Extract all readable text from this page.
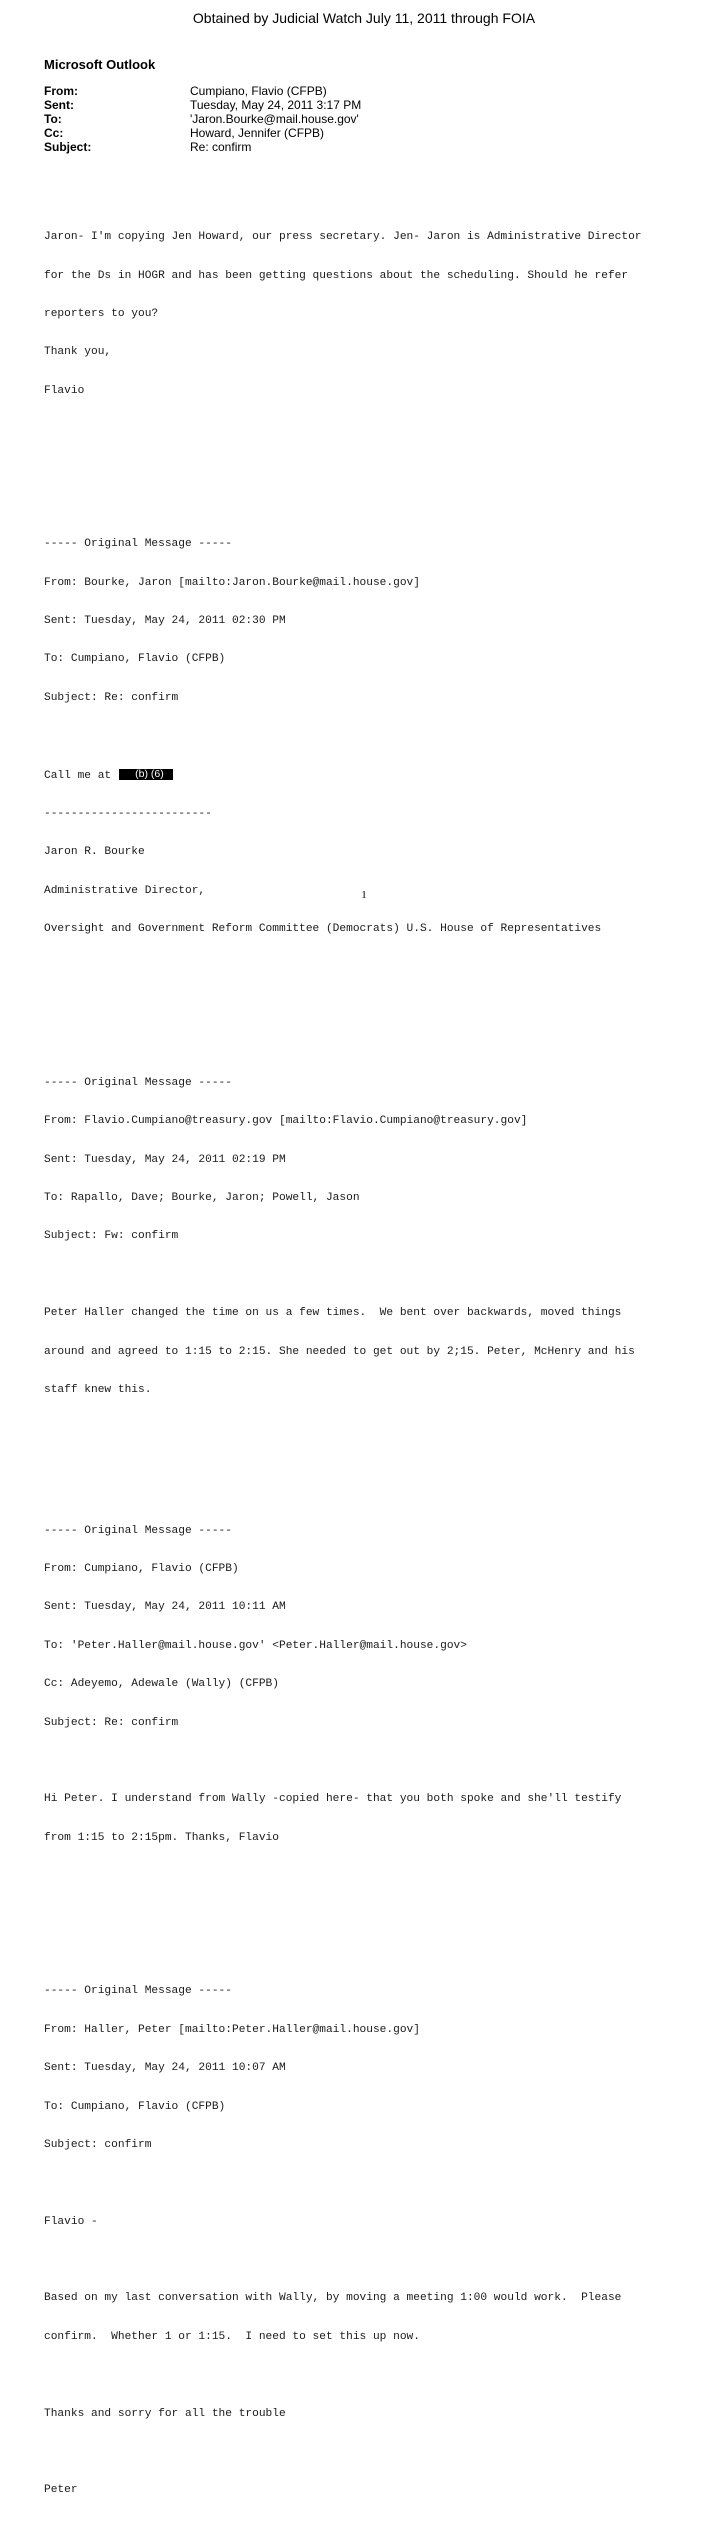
Obtained by Judicial Watch July 11, 2011 through FOIA
Microsoft Outlook
From:	Cumpiano, Flavio (CFPB)
Sent:	Tuesday, May 24, 2011 3:17 PM
To:	'Jaron.Bourke@mail.house.gov'
Cc:	Howard, Jennifer (CFPB)
Subject:	Re: confirm

Jaron- I'm copying Jen Howard, our press secretary. Jen- Jaron is Administrative Director

for the Ds in HOGR and has been getting questions about the scheduling. Should he refer

reporters to you?

Thank you,

Flavio

----- Original Message -----

From: Bourke, Jaron [mailto:Jaron.Bourke@mail.house.gov]

Sent: Tuesday, May 24, 2011 02:30 PM

To: Cumpiano, Flavio (CFPB)

Subject: Re: confirm

Call me at (b) (6)

-------------------------

Jaron R. Bourke

Administrative Director,

Oversight and Government Reform Committee (Democrats) U.S. House of Representatives

----- Original Message -----

From: Flavio.Cumpiano@treasury.gov [mailto:Flavio.Cumpiano@treasury.gov]

Sent: Tuesday, May 24, 2011 02:19 PM

To: Rapallo, Dave; Bourke, Jaron; Powell, Jason

Subject: Fw: confirm

Peter Haller changed the time on us a few times.  We bent over backwards, moved things

around and agreed to 1:15 to 2:15. She needed to get out by 2;15. Peter, McHenry and his

staff knew this.

----- Original Message -----

From: Cumpiano, Flavio (CFPB)

Sent: Tuesday, May 24, 2011 10:11 AM

To: 'Peter.Haller@mail.house.gov' <Peter.Haller@mail.house.gov>

Cc: Adeyemo, Adewale (Wally) (CFPB)

Subject: Re: confirm

Hi Peter. I understand from Wally -copied here- that you both spoke and she'll testify

from 1:15 to 2:15pm. Thanks, Flavio

----- Original Message -----

From: Haller, Peter [mailto:Peter.Haller@mail.house.gov]

Sent: Tuesday, May 24, 2011 10:07 AM

To: Cumpiano, Flavio (CFPB)

Subject: confirm

Flavio -

Based on my last conversation with Wally, by moving a meeting 1:00 would work.  Please

confirm.  Whether 1 or 1:15.  I need to set this up now.

Thanks and sorry for all the trouble

Peter

1
